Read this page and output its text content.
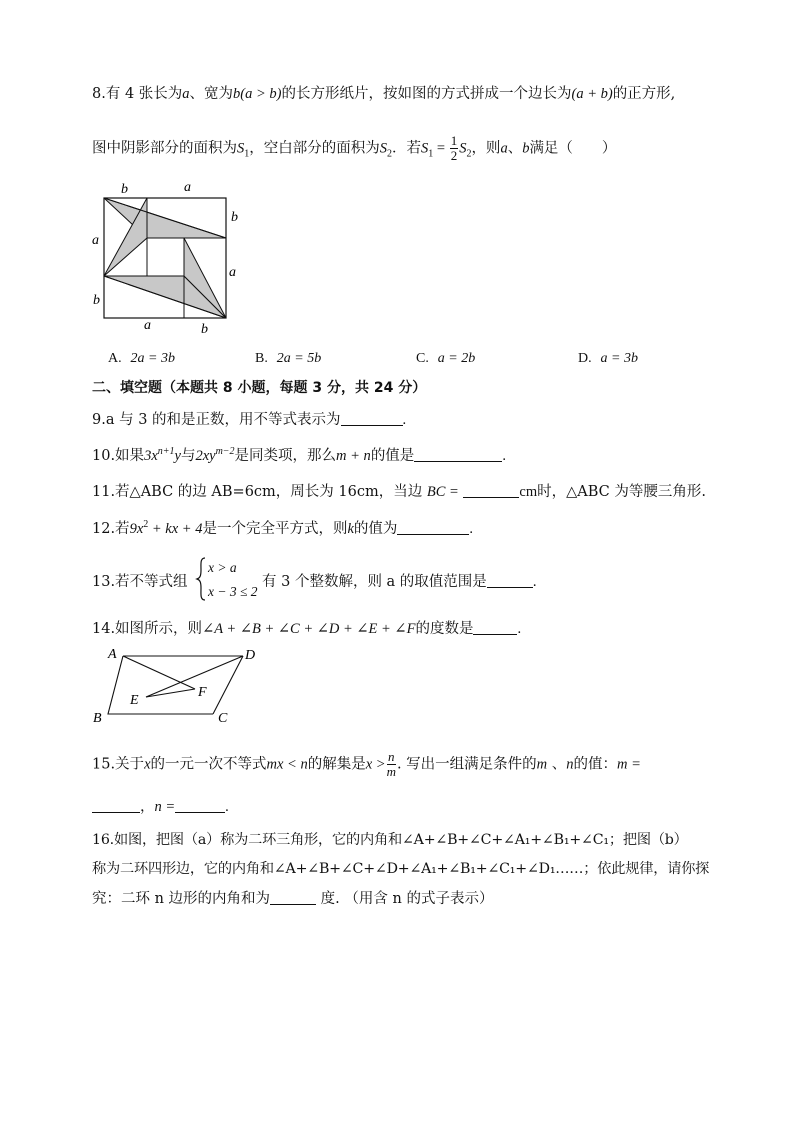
8.有 4 张长为a、宽为b(a > b)的长方形纸片，按如图的方式拼成一个边长为(a + b)的正方形,
图中阴影部分的面积为$S_1$，空白部分的面积为$S_2$．若$S_1 = \frac{1}{2} S_2$，则a、b满足（　　）
b	a
b
a
a
b
a	b
A. 2a = 3b	B. 2a = 5b	C. a = 2b	D. a = 3b
二、填空题（本题共 8 小题，每题 3 分，共 24 分）
9.a 与 3 的和是正数，用不等式表示为	.
10.如果$3x^{n+1}y$与$2xy^{m-2}$是同类项，那么m + n的值是	.
11.若△ABC 的边 AB=6cm，周长为 16cm，当边 BC =	cm时，△ABC 为等腰三角形.
12.若$9x^2$ + kx + 4是一个完全平方式，则k的值为	.
13.若不等式组
x > a
x − 3 ≤ 2
有 3 个整数解，则 a 的取值范围是	.
14.如图所示，则∠A + ∠B + ∠C + ∠D + ∠E + ∠F的度数是	.
A	D
F
E
B	C
15.关于x的一元一次不等式mx < n的解集是$x > \frac{n}{m}$ . 写出一组满足条件的m 、n的值：m =
，n =	.
16.如图，把图（a）称为二环三角形，它的内角和∠A+∠B+∠C+∠A₁+∠B₁+∠C₁；把图（b）
称为二环四形边，它的内角和∠A+∠B+∠C+∠D+∠A₁+∠B₁+∠C₁+∠D₁……；依此规律，请你探
究：二环 n 边形的内角和为	度. （用含 n 的式子表示）
